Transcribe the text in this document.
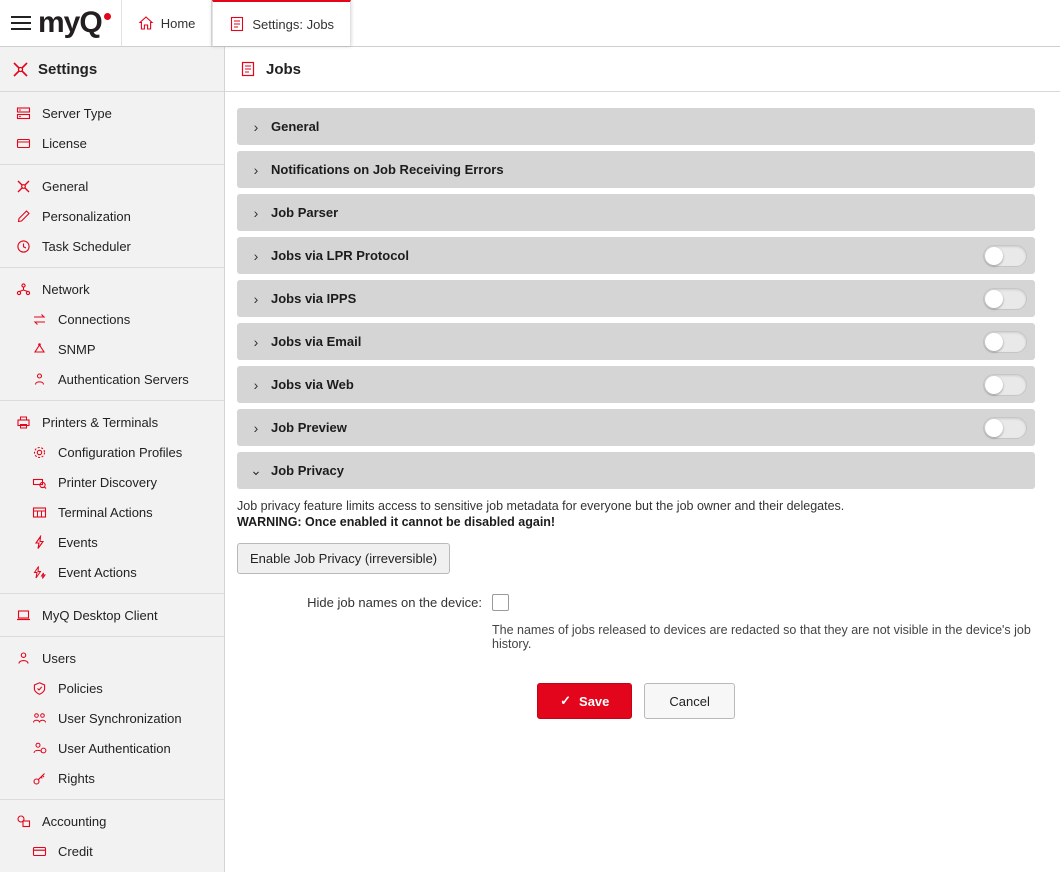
myQ	Home	Settings: Jobs
Settings
Server Type
License
General
Personalization
Task Scheduler
Network
Connections
SNMP
Authentication Servers
Printers & Terminals
Configuration Profiles
Printer Discovery
Terminal Actions
Events
Event Actions
MyQ Desktop Client
Users
Policies
User Synchronization
User Authentication
Rights
Accounting
Credit
Jobs
› General
› Notifications on Job Receiving Errors
› Job Parser
› Jobs via LPR Protocol
› Jobs via IPPS
› Jobs via Email
› Jobs via Web
› Job Preview
⌄ Job Privacy

Job privacy feature limits access to sensitive job metadata for everyone but the job owner and their delegates.

WARNING: Once enabled it cannot be disabled again!

Enable Job Privacy (irreversible)
Hide job names on the device:
The names of jobs released to devices are redacted so that they are not visible in the device's job history.
✓ Save	Cancel
